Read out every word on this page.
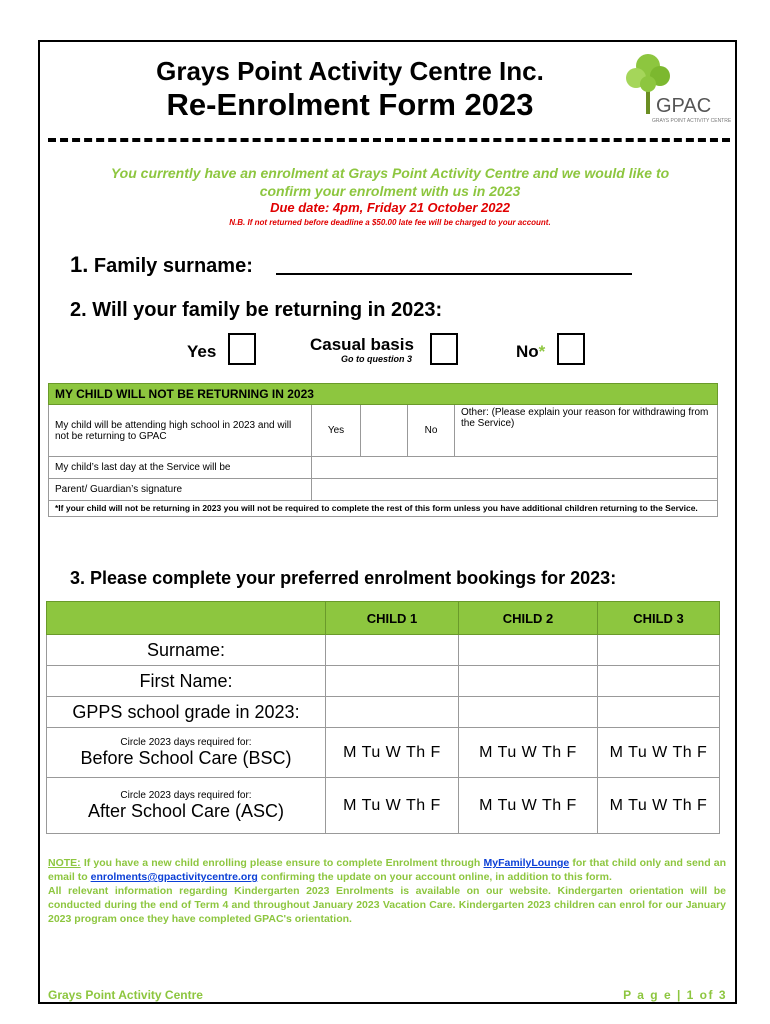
Grays Point Activity Centre Inc.
Re-Enrolment Form 2023	GPAC
GRAYS POINT ACTIVITY CENTRE
You currently have an enrolment at Grays Point Activity Centre and we would like to
confirm your enrolment with us in 2023
Due date: 4pm, Friday 21 October 2022
N.B. If not returned before deadline a $50.00 late fee will be charged to your account.
1. Family surname:
2. Will your family be returning in 2023:
Yes	Casual basis
Go to question 3	No*
MY CHILD WILL NOT BE RETURNING IN 2023				
My child will be attending high school in 2023 and will not be returning to GPAC	Yes		No	Other: (Please explain your reason for withdrawing from the Service)
My child’s last day at the Service will be				
Parent/ Guardian’s signature				
*If your child will not be returning in 2023 you will not be required to complete the rest of this form unless you have additional children returning to the Service.				
3. Please complete your preferred enrolment bookings for 2023:
	CHILD 1	CHILD 2	CHILD 3
Surname:			
First Name:			
GPPS school grade in 2023:			

Circle 2023 days required for:
Before School Care (BSC)	M Tu W Th F	M Tu W Th F	M Tu W Th F

Circle 2023 days required for:
After School Care (ASC)	M Tu W Th F	M Tu W Th F	M Tu W Th F
NOTE: If you have a new child enrolling please ensure to complete Enrolment through MyFamilyLounge for that child only and send an email to enrolments@gpactivitycentre.org confirming the update on your account online, in addition to this form.
All relevant information regarding Kindergarten 2023 Enrolments is available on our website. Kindergarten orientation will be conducted during the end of Term 4 and throughout January 2023 Vacation Care. Kindergarten 2023 children can enrol for our January 2023 program once they have completed GPAC's orientation.
Grays Point Activity Centre	P a g e | 1 of 3
